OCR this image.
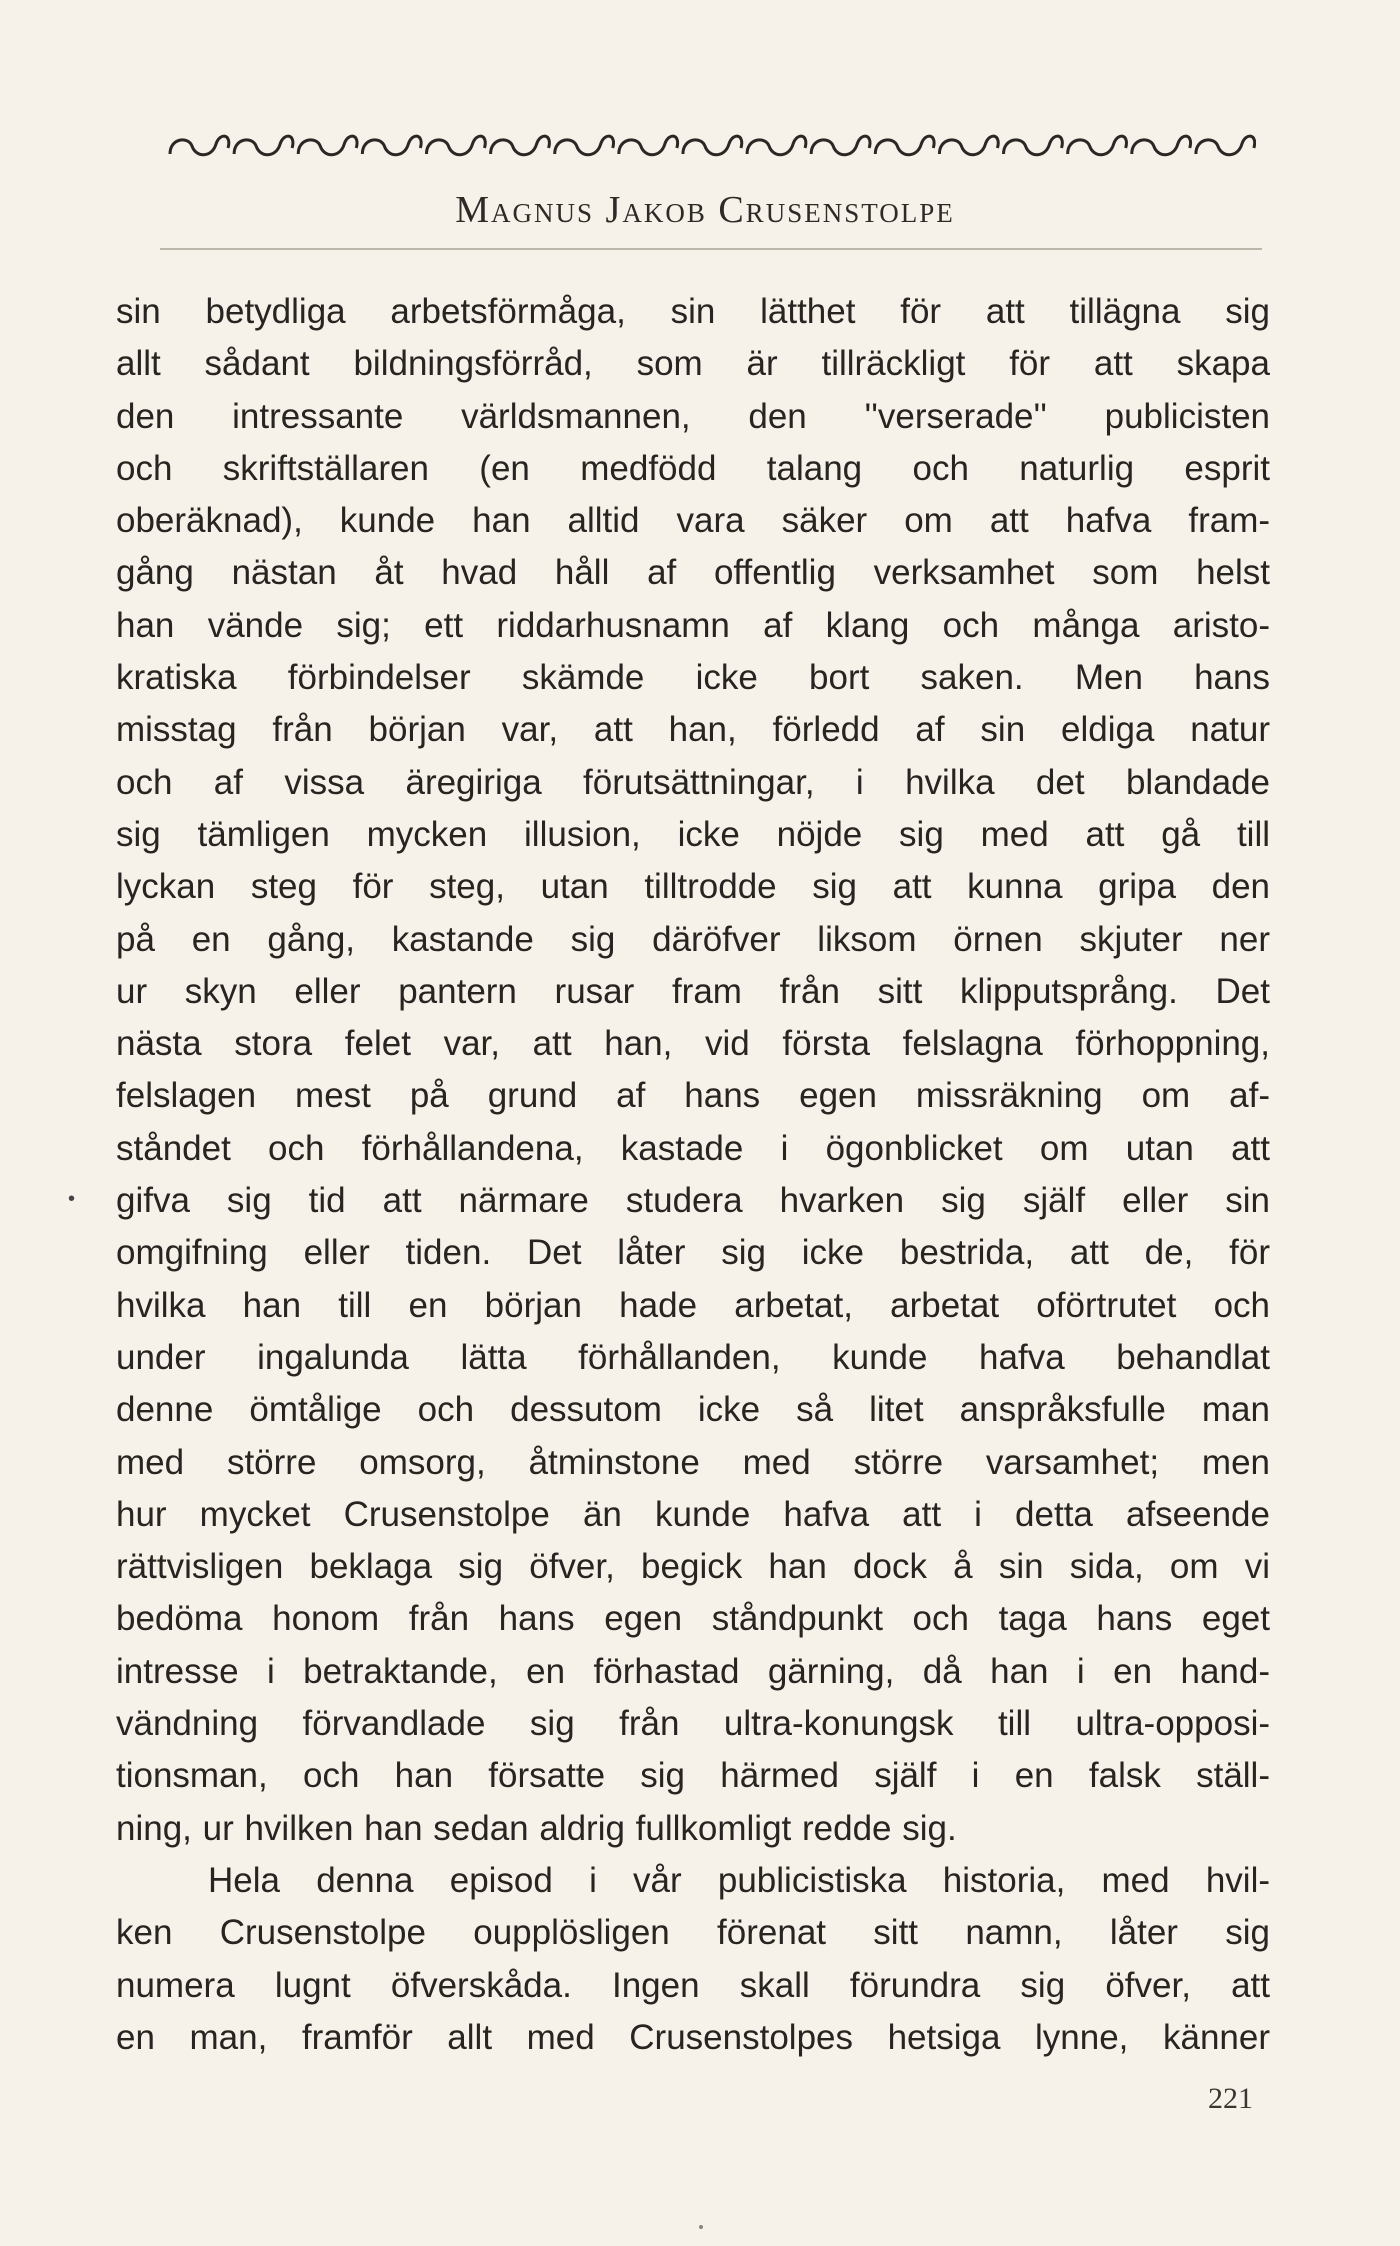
Magnus Jakob Crusenstolpe
sin betydliga arbetsförmåga, sin lätthet för att tillägna sig
allt sådant bildningsförråd, som är tillräckligt för att skapa
den intressante världsmannen, den ''verserade'' publicisten
och skriftställaren (en medfödd talang och naturlig esprit
oberäknad), kunde han alltid vara säker om att hafva fram-
gång nästan åt hvad håll af offentlig verksamhet som helst
han vände sig; ett riddarhusnamn af klang och många aristo-
kratiska förbindelser skämde icke bort saken. Men hans
misstag från början var, att han, förledd af sin eldiga natur
och af vissa äregiriga förutsättningar, i hvilka det blandade
sig tämligen mycken illusion, icke nöjde sig med att gå till
lyckan steg för steg, utan tilltrodde sig att kunna gripa den
på en gång, kastande sig däröfver liksom örnen skjuter ner
ur skyn eller pantern rusar fram från sitt klipputsprång. Det
nästa stora felet var, att han, vid första felslagna förhoppning,
felslagen mest på grund af hans egen missräkning om af-
ståndet och förhållandena, kastade i ögonblicket om utan att
gifva sig tid att närmare studera hvarken sig själf eller sin
omgifning eller tiden. Det låter sig icke bestrida, att de, för
hvilka han till en början hade arbetat, arbetat oförtrutet och
under ingalunda lätta förhållanden, kunde hafva behandlat
denne ömtålige och dessutom icke så litet anspråksfulle man
med större omsorg, åtminstone med större varsamhet; men
hur mycket Crusenstolpe än kunde hafva att i detta afseende
rättvisligen beklaga sig öfver, begick han dock å sin sida, om vi
bedöma honom från hans egen ståndpunkt och taga hans eget
intresse i betraktande, en förhastad gärning, då han i en hand-
vändning förvandlade sig från ultra-konungsk till ultra-opposi-
tionsman, och han försatte sig härmed själf i en falsk ställ-
ning, ur hvilken han sedan aldrig fullkomligt redde sig.
Hela denna episod i vår publicistiska historia, med hvil-
ken Crusenstolpe oupplösligen förenat sitt namn, låter sig
numera lugnt öfverskåda. Ingen skall förundra sig öfver, att
en man, framför allt med Crusenstolpes hetsiga lynne, känner
•
221
